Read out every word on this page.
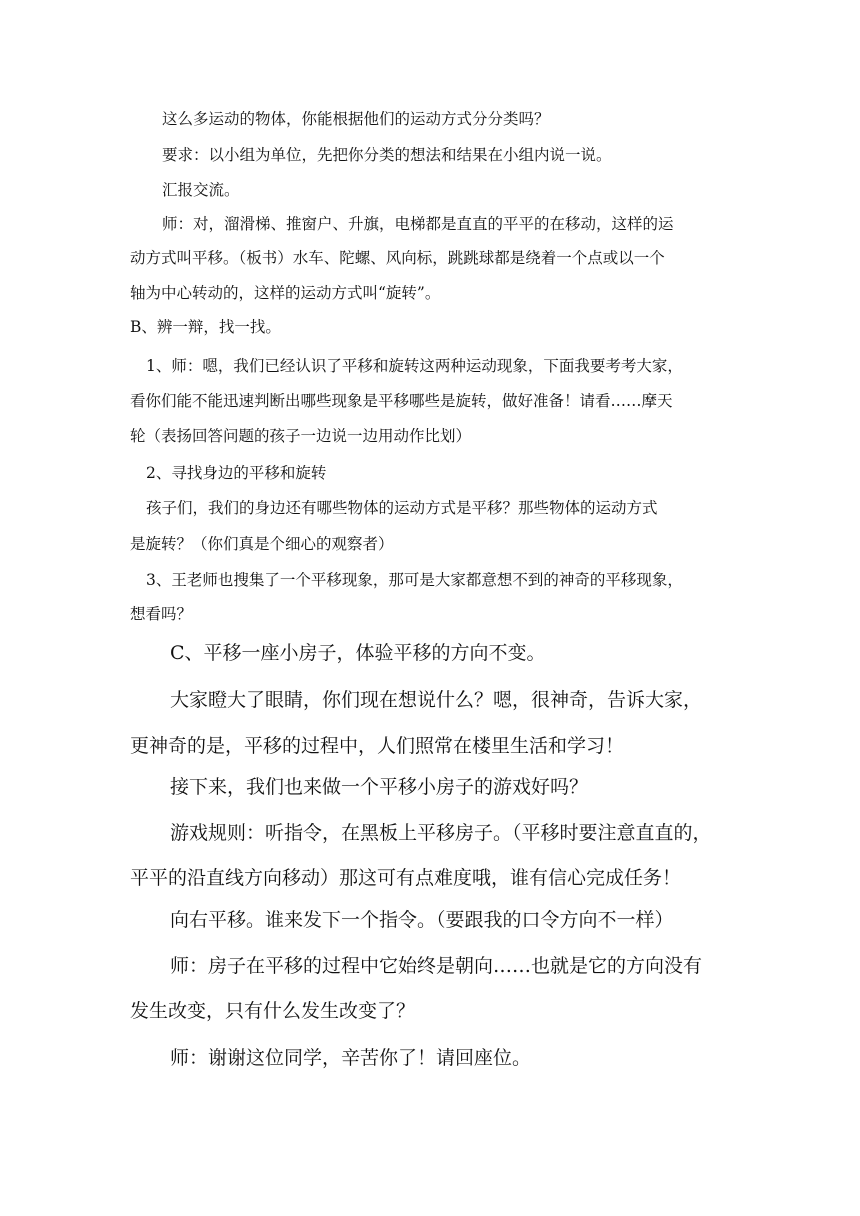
这么多运动的物体，你能根据他们的运动方式分分类吗？

要求：以小组为单位，先把你分类的想法和结果在小组内说一说。

汇报交流。

师：对，溜滑梯、推窗户、升旗，电梯都是直直的平平的在移动，这样的运

动方式叫平移。（板书）水车、陀螺、风向标，跳跳球都是绕着一个点或以一个

轴为中心转动的，这样的运动方式叫“旋转”。

B、辨一辩，找一找。

1、师：嗯，我们已经认识了平移和旋转这两种运动现象，下面我要考考大家，

看你们能不能迅速判断出哪些现象是平移哪些是旋转，做好准备！请看……摩天

轮（表扬回答问题的孩子一边说一边用动作比划）

2、寻找身边的平移和旋转

孩子们，我们的身边还有哪些物体的运动方式是平移？那些物体的运动方式

是旋转？（你们真是个细心的观察者）

3、王老师也搜集了一个平移现象，那可是大家都意想不到的神奇的平移现象，

想看吗？

C、平移一座小房子，体验平移的方向不变。

大家瞪大了眼睛，你们现在想说什么？嗯，很神奇，告诉大家，

更神奇的是，平移的过程中，人们照常在楼里生活和学习！

接下来，我们也来做一个平移小房子的游戏好吗？

游戏规则：听指令，在黑板上平移房子。（平移时要注意直直的，

平平的沿直线方向移动）那这可有点难度哦，谁有信心完成任务！

向右平移。谁来发下一个指令。（要跟我的口令方向不一样）

师：房子在平移的过程中它始终是朝向……也就是它的方向没有

发生改变，只有什么发生改变了？

师：谢谢这位同学，辛苦你了！请回座位。
